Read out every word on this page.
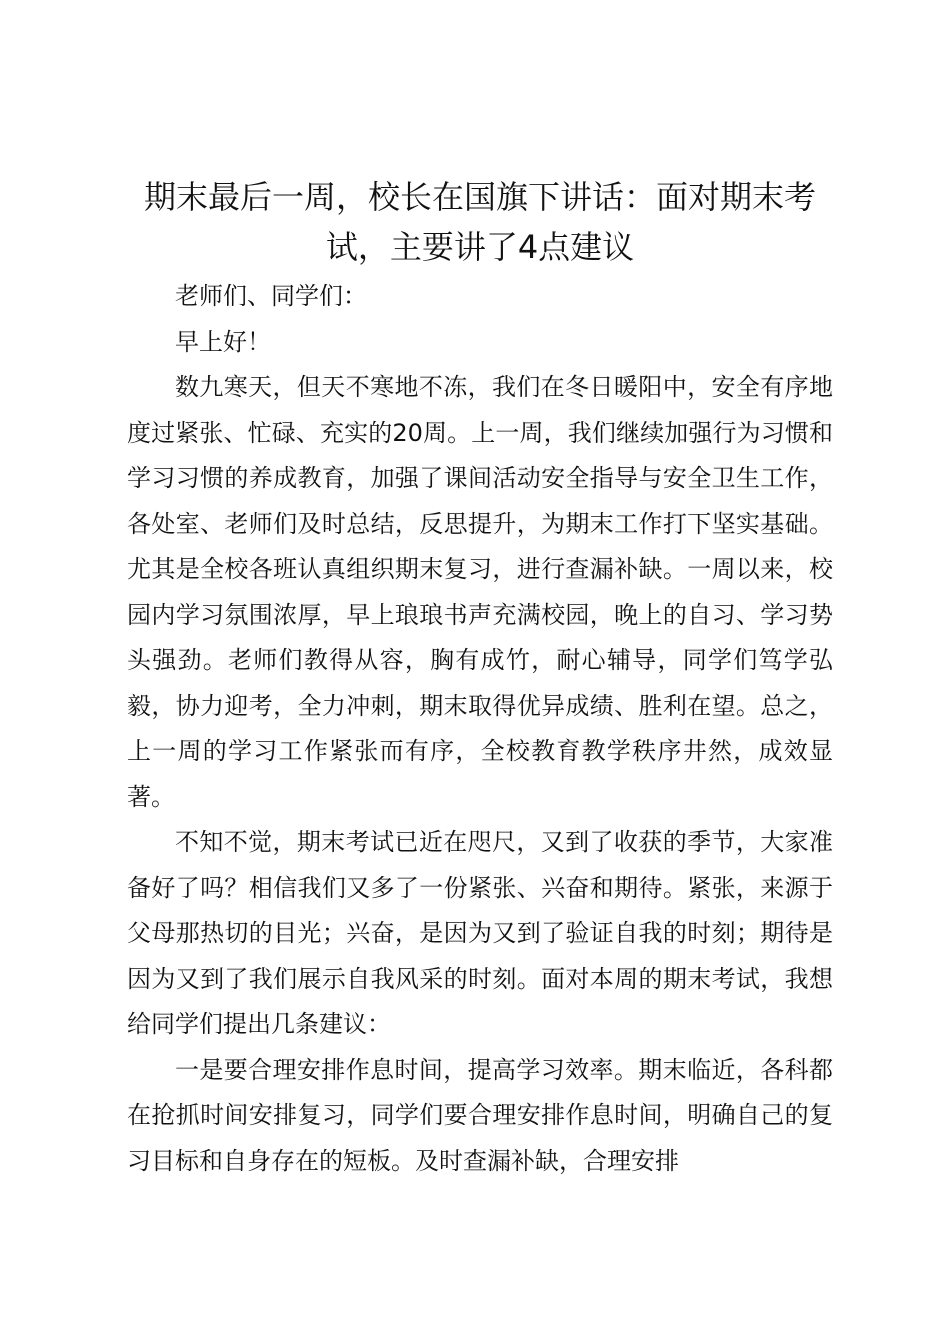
期末最后一周，校长在国旗下讲话：面对期末考试，主要讲了4点建议

老师们、同学们：

早上好！

数九寒天，但天不寒地不冻，我们在冬日暖阳中，安全有序地度过紧张、忙碌、充实的20周。上一周，我们继续加强行为习惯和学习习惯的养成教育，加强了课间活动安全指导与安全卫生工作，各处室、老师们及时总结，反思提升，为期末工作打下坚实基础。尤其是全校各班认真组织期末复习，进行查漏补缺。一周以来，校园内学习氛围浓厚，早上琅琅书声充满校园，晚上的自习、学习势头强劲。老师们教得从容，胸有成竹，耐心辅导，同学们笃学弘毅，协力迎考，全力冲刺，期末取得优异成绩、胜利在望。总之，上一周的学习工作紧张而有序，全校教育教学秩序井然，成效显著。

不知不觉，期末考试已近在咫尺，又到了收获的季节，大家准备好了吗？相信我们又多了一份紧张、兴奋和期待。紧张，来源于父母那热切的目光；兴奋，是因为又到了验证自我的时刻；期待是因为又到了我们展示自我风采的时刻。面对本周的期末考试，我想给同学们提出几条建议：

一是要合理安排作息时间，提高学习效率。期末临近，各科都在抢抓时间安排复习，同学们要合理安排作息时间，明确自己的复习目标和自身存在的短板。及时查漏补缺，合理安排
